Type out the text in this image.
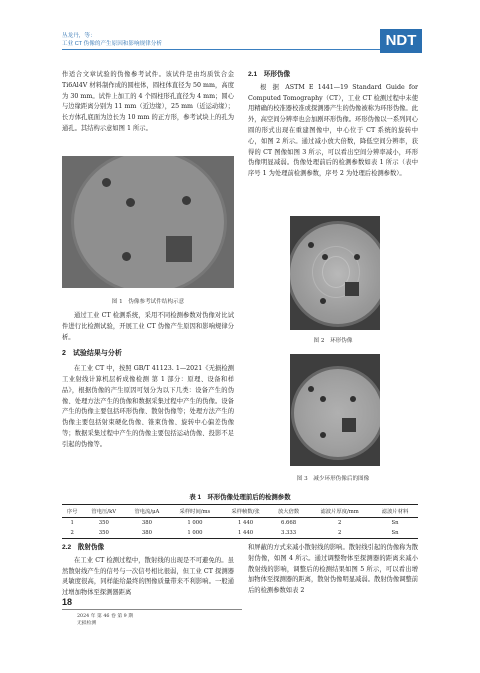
丛龙丹，等：
工业 CT 伪像的产生原因和影响规律分析	NDT

作适合文章试验的伪像参考试件。该试件是由均质钛合金 Ti6Al4V 材料制作成的圆柱体，圆柱体直径为 50 mm，高度为 30 mm。试件上加工的 4 个圆柱形孔直径为 4 mm；圆心与边缘距离分别为 11 mm（近边缘），25 mm（近运动缘）；长方体孔底面为边长为 10 mm 的正方形，参考试块上的孔为通孔。其结构示意如图 1 所示。

图 1　伪像参考试件结构示意

通过工业 CT 检测系统，采用不同检测参数对伪像对比试件进行比检测试验，开展工业 CT 伪像产生原因和影响规律分析。

2　试验结果与分析

在工业 CT 中，按照 GB/T 41123. 1—2021《无损检测 工业射线计算机层析成像检测 第 1 部分：原理、设备和样品》，根据伪像的产生原因可划分为以下几类：设备产生的伪像、处理方法产生的伪像和数据采集过程中产生的伪像。设备产生的伪像主要包括环形伪像、散射伪像等；处理方法产生的伪像主要包括射束硬化伪像、锥束伪像、旋转中心偏差伪像等；数据采集过程中产生的伪像主要包括运动伪像、投影不足引起的伪像等。

2.1　环形伪像

根 据 ASTM E 1441—19 Standard Guide for Computed Tomography（CT），工业 CT 检测过程中未使用精确的校准器校准或探测器产生的伪像被称为环形伪像。此外，高空间分辨率也会加剧环形伪像。环形伪像以一系列同心圆的形式出现在重建图像中，中心位于 CT 系统的旋转中心，如图 2 所示。通过减小放大倍数，降低空间分辨率，获得的 CT 图像如图 3 所示，可以看出空间分辨率减小，环形伪像明显减弱。伪像处理前后的检测参数如表 1 所示（表中序号 1 为处理前检测参数，序号 2 为处理后检测参数）。

图 2　环形伪像
图 3　减少环形伪像后的图像
表 1　环形伪像处理前后的检测参数
序号	管电压/kV	管电流/μA	采样时间/ms	采样帧数/张	放大倍数	滤波片厚度/mm	滤波片材料
1	350	380	1 000	1 440	6.668	2	Sn
2	350	380	1 000	1 440	3.333	2	Sn

2.2　散射伪像

在工业 CT 检测过程中，散射线的出现是不可避免的。虽然散射线产生的信号与一次信号相比很弱，但工业 CT 探测器灵敏度很高，同样能给最终的图像质量带来不利影响。一般通过增加物体至探测器距离

和屏蔽的方式来减小散射线的影响。散射线引起的伪像称为散射伪像，如图 4 所示。通过调整物体至探测器的距离来减小散射线的影响，调整后的检测结果如图 5 所示，可以看出增加物体至探测器的距离，散射伪像明显减弱。散射伪像调整前后的检测参数如表 2

18
2024 年 第 46 卷 第 9 期
无损检测
